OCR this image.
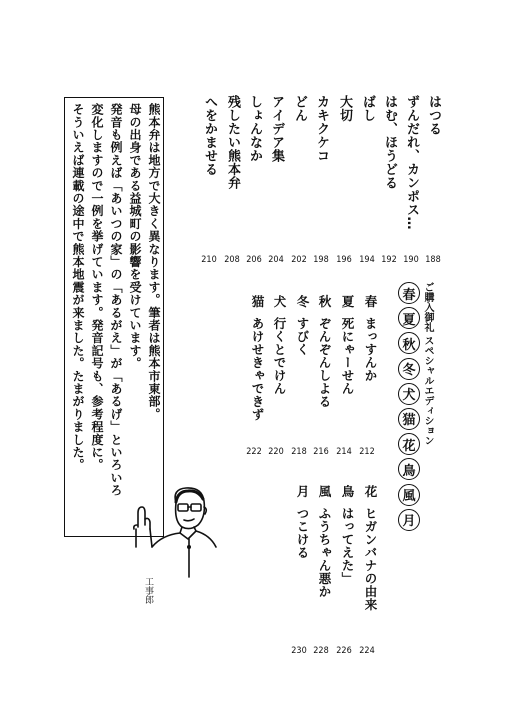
はつる
ずんだれ、カンポス…
はむ、ほうどる
ばし
大切
カキクケコ
どん
アイデア集
しょんなか
残したい熊本弁
へをかませる
188
190
192
194
196
198
202
204
206
208
210
ご購入御礼 スペシャルエディション
春
夏
秋
冬
犬
猫
花
鳥
風
月
春まっすんか
夏死にゃーせん
秋ぞんぞんしよる
冬すびく
犬行くとでけん
猫あけせきゃできず
212
214
216
218
220
222
花ヒガンバナの由来
鳥はってえた」
風ふうちゃん悪か
月つこける
224
226
228
230
熊本弁は地方で大きく異なります。筆者は熊本市東部。
母の出身である益城町の影響を受けています。
発音も例えば「あいつの家」の「あるがえ」が「あるげ」といろいろ
変化しますので一例を挙げています。発音記号も、参考程度に。
そういえば連載の途中で熊本地震が来ました。たまがりました。
工事郎
